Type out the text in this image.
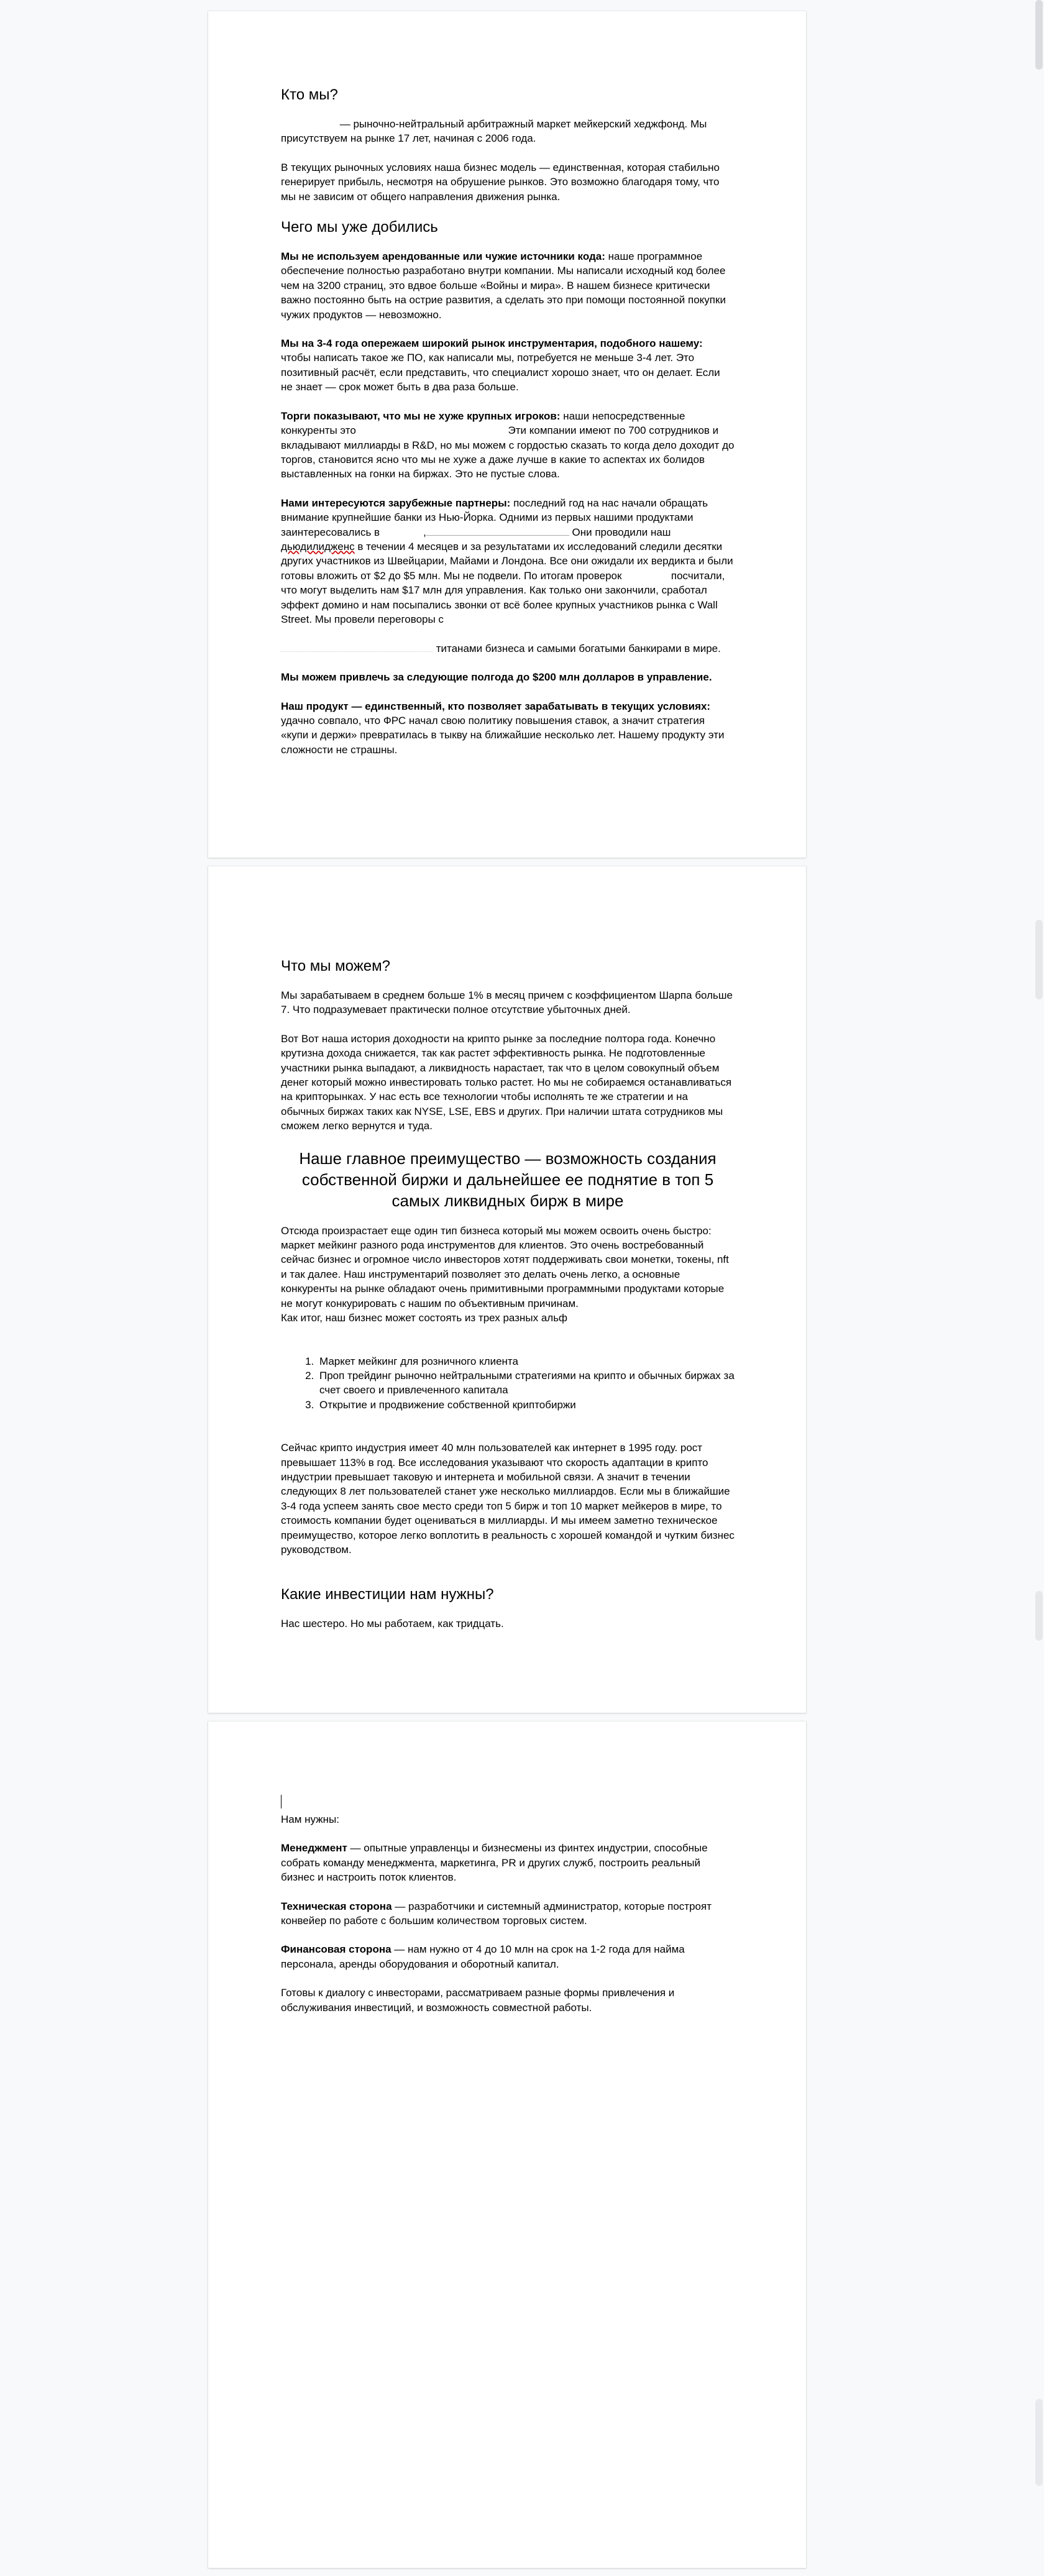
Кто мы?

— рыночно-нейтральный арбитражный маркет мейкерский хеджфонд. Мы присутствуем на рынке 17 лет, начиная с 2006 года.

В текущих рыночных условиях наша бизнес модель — единственная, которая стабильно генерирует прибыль, несмотря на обрушение рынков. Это возможно благодаря тому, что мы не зависим от общего направления движения рынка.

Чего мы уже добились

Мы не используем арендованные или чужие источники кода: наше программное обеспечение полностью разработано внутри компании. Мы написали исходный код более чем на 3200 страниц, это вдвое больше «Войны и мира». В нашем бизнесе критически важно постоянно быть на острие развития, а сделать это при помощи постоянной покупки чужих продуктов — невозможно.

Мы на 3-4 года опережаем широкий рынок инструментария, подобного нашему: чтобы написать такое же ПО, как написали мы, потребуется не меньше 3-4 лет. Это позитивный расчёт, если представить, что специалист хорошо знает, что он делает. Если не знает — срок может быть в два раза больше.

Торги показывают, что мы не хуже крупных игроков: наши непосредственные конкуренты это	Эти компании имеют по 700 сотрудников и вкладывают миллиарды в R&D, но мы можем с гордостью сказать то когда дело доходит до торгов, становится ясно что мы не хуже а даже лучше в какие то аспектах их болидов выставленных на гонки на биржах. Это не пустые слова.

Нами интересуются зарубежные партнеры: последний год на нас начали обращать внимание крупнейшие банки из Нью-Йорка. Одними из первых нашими продуктами заинтересовались в	,	Они проводили наш дьюдилидженс в течении 4 месяцев и за результатами их исследований следили десятки других участников из Швейцарии, Майами и Лондона. Все они ожидали их вердикта и были готовы вложить от $2 до $5 млн. Мы не подвели. По итогам проверок	посчитали, что могут выделить нам $17 млн для управления. Как только они закончили, сработал эффект домино и нам посыпались звонки от всё более крупных участников рынка с Wall Street. Мы провели переговоры с

титанами бизнеса и самыми богатыми банкирами в мире.

Мы можем привлечь за следующие полгода до $200 млн долларов в управление.

Наш продукт — единственный, кто позволяет зарабатывать в текущих условиях: удачно совпало, что ФРС начал свою политику повышения ставок, а значит стратегия «купи и держи» превратилась в тыкву на ближайшие несколько лет. Нашему продукту эти сложности не страшны.

Что мы можем?

Мы зарабатываем в среднем больше 1% в месяц причем с коэффициентом Шарпа больше 7. Что подразумевает практически полное отсутствие убыточных дней.

Вот Вот наша история доходности на крипто рынке за последние полтора года. Конечно крутизна дохода снижается, так как растет эффективность рынка. Не подготовленные участники рынка выпадают, а ликвидность нарастает, так что в целом совокупный объем денег который можно инвестировать только растет. Но мы не собираемся останавливаться на крипторынках. У нас есть все технологии чтобы исполнять те же стратегии и на обычных биржах таких как NYSE, LSE, EBS и других. При наличии штата сотрудников мы сможем легко вернутся и туда.

Наше главное преимущество — возможность создания собственной биржи и дальнейшее ее поднятие в топ 5 самых ликвидных бирж в мире

Отсюда произрастает еще один тип бизнеса который мы можем освоить очень быстро: маркет мейкинг разного рода инструментов для клиентов. Это очень востребованный сейчас бизнес и огромное число инвесторов хотят поддерживать свои монетки, токены, nft и так далее. Наш инструментарий позволяет это делать очень легко, а основные конкуренты на рынке обладают очень примитивными программными продуктами которые не могут конкурировать с нашим по объективным причинам.

Как итог, наш бизнес может состоять из трех разных альф

1. Маркет мейкинг для розничного клиента
2. Проп трейдинг рыночно нейтральными стратегиями на крипто и обычных биржах за счет своего и привлеченного капитала
3. Открытие и продвижение собственной криптобиржи

Сейчас крипто индустрия имеет 40 млн пользователей как интернет в 1995 году. рост превышает 113% в год. Все исследования указывают что скорость адаптации в крипто индустрии превышает таковую и интернета и мобильной связи. А значит в течении следующих 8 лет пользователей станет уже несколько миллиардов. Если мы в ближайшие 3-4 года успеем занять свое место среди топ 5 бирж и топ 10 маркет мейкеров в мире, то стоимость компании будет оцениваться в миллиарды. И мы имеем заметно техническое преимущество, которое легко воплотить в реальность с хорошей командой и чутким бизнес руководством.

Какие инвестиции нам нужны?

Нас шестеро. Но мы работаем, как тридцать.

Нам нужны:

Менеджмент — опытные управленцы и бизнесмены из финтех индустрии, способные собрать команду менеджмента, маркетинга, PR и других служб, построить реальный бизнес и настроить поток клиентов.

Техническая сторона — разработчики и системный администратор, которые построят конвейер по работе с большим количеством торговых систем.

Финансовая сторона — нам нужно от 4 до 10 млн на срок на 1-2 года для найма персонала, аренды оборудования и оборотный капитал.

Готовы к диалогу с инвесторами, рассматриваем разные формы привлечения и обслуживания инвестиций, и возможность совместной работы.
